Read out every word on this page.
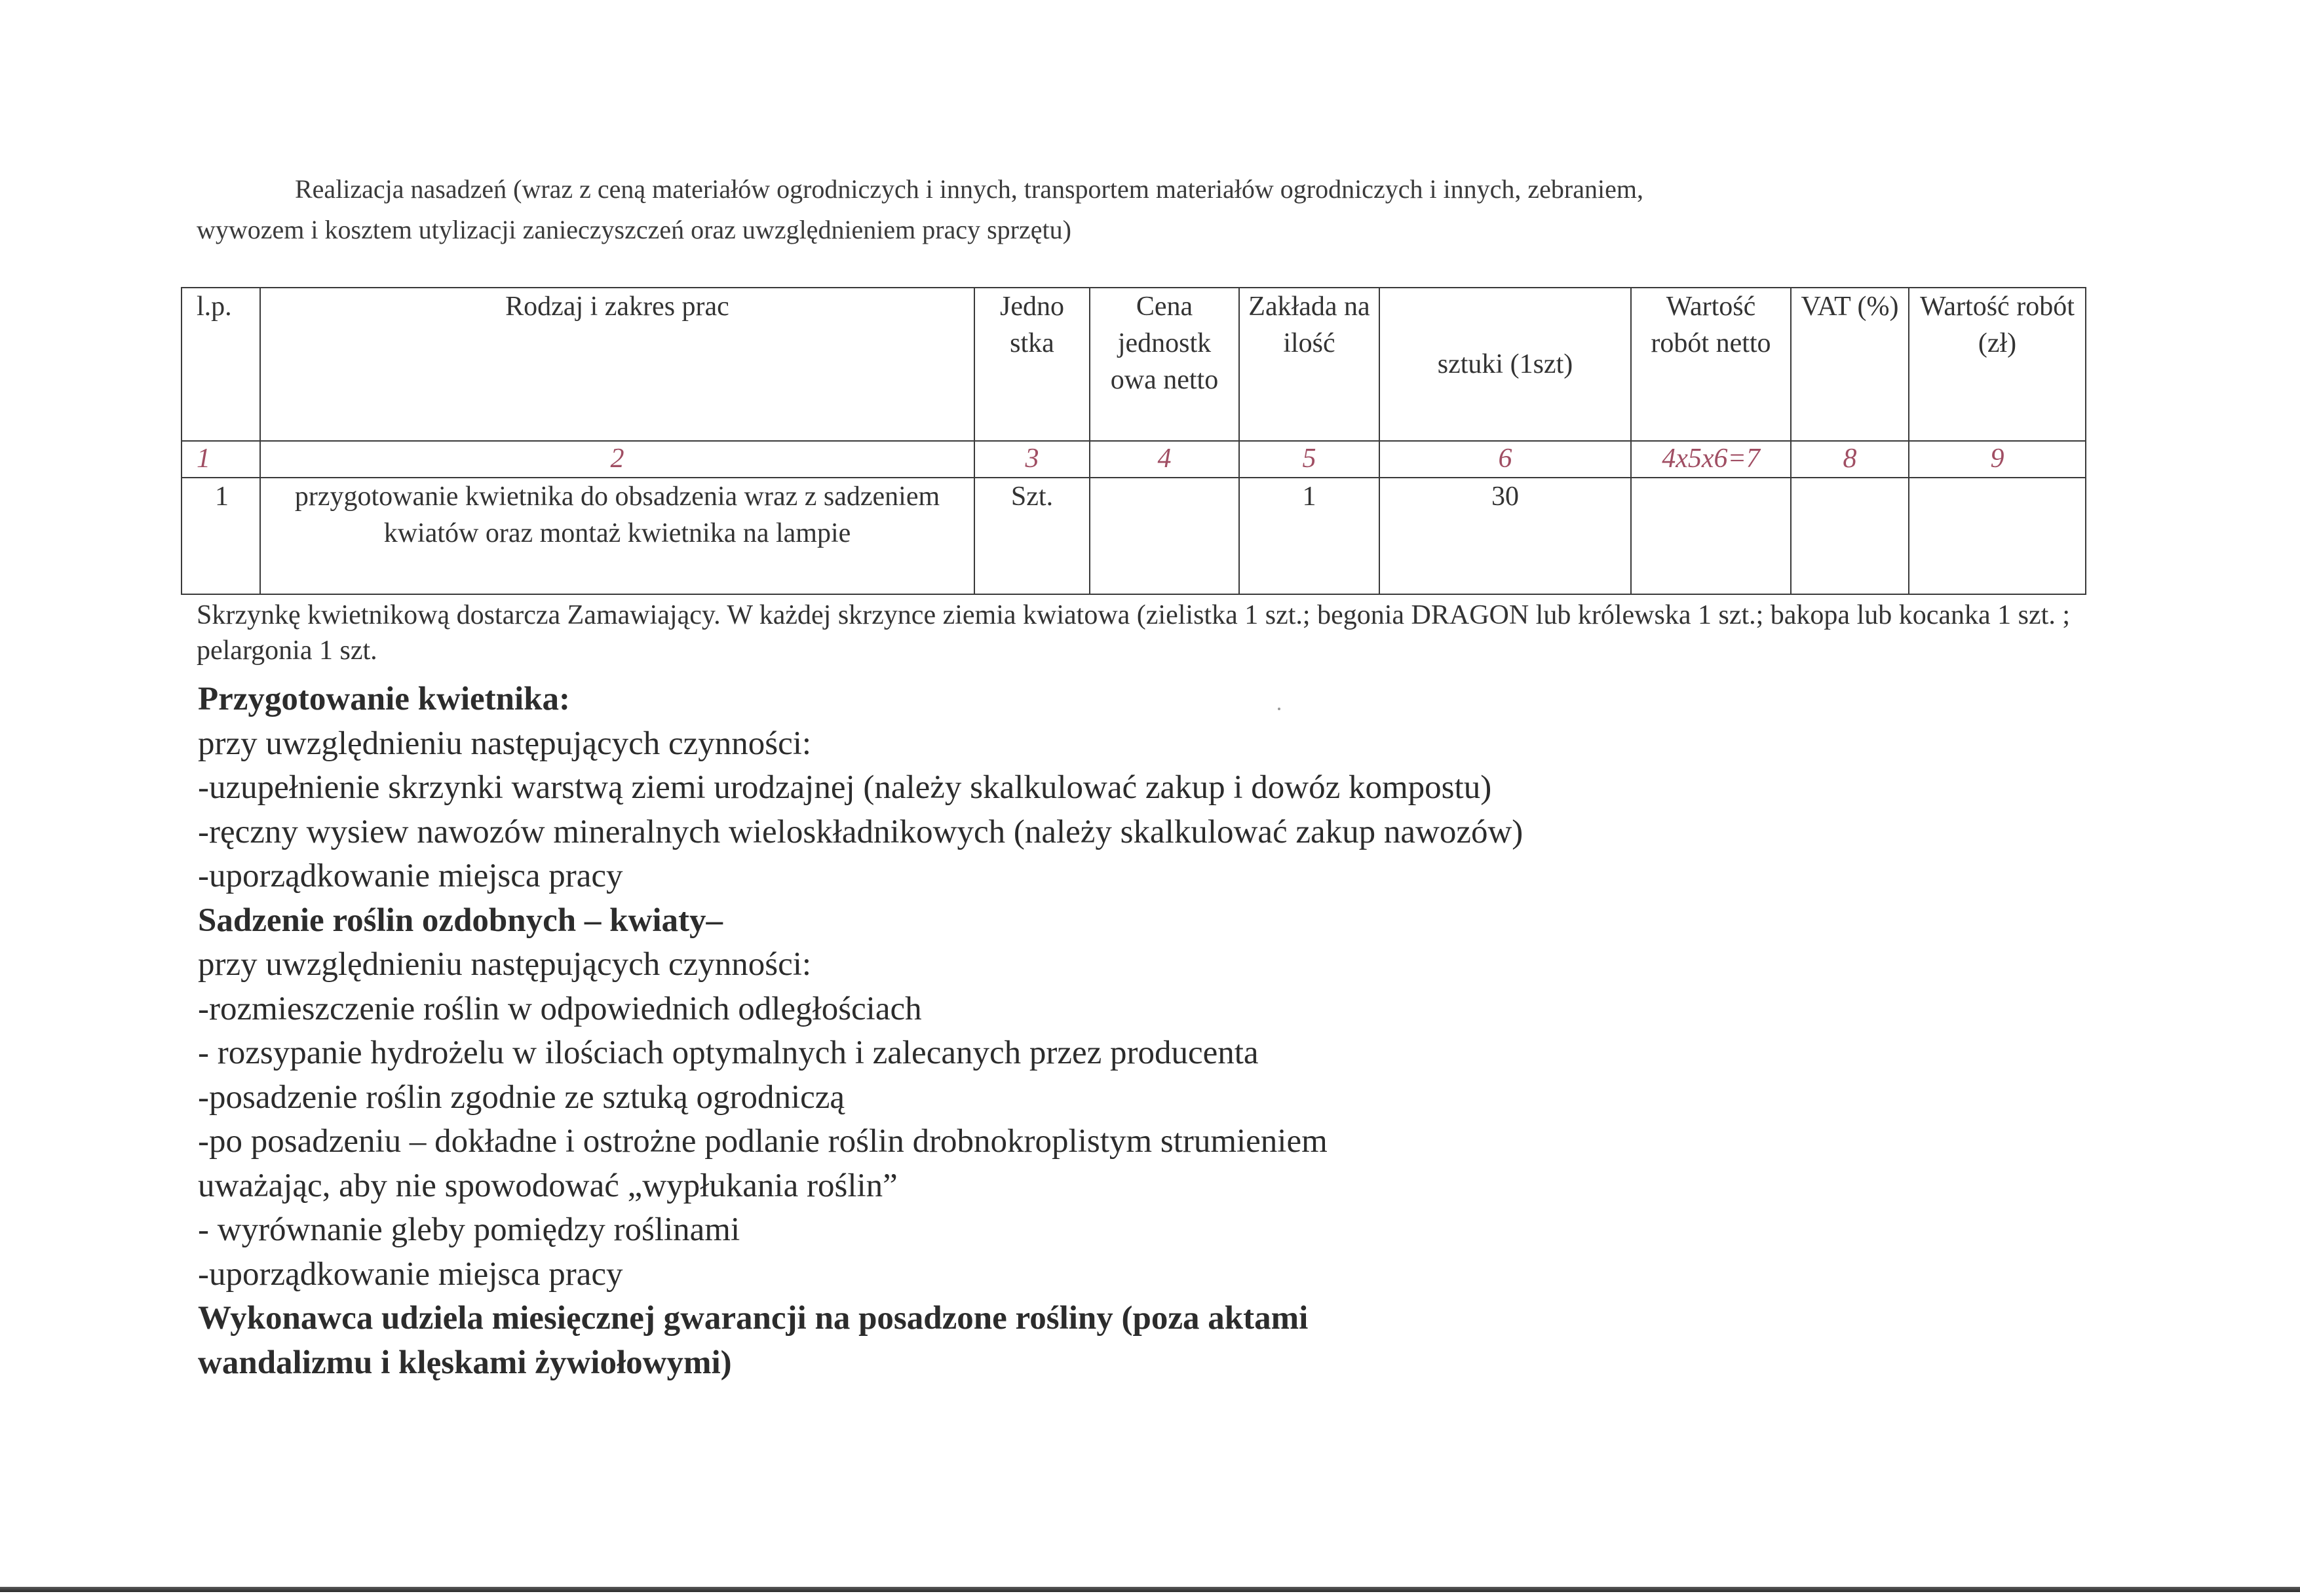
Realizacja nasadzeń (wraz z ceną materiałów ogrodniczych i innych, transportem materiałów ogrodniczych i innych, zebraniem,
wywozem i kosztem utylizacji zanieczyszczeń oraz uwzględnieniem pracy sprzętu)
l.p.	Rodzaj i zakres prac	Jedno stka	Cena jednostk owa netto	Zakłada na ilość	sztuki (1szt)	Wartość robót netto	VAT (%)	Wartość robót (zł)
1	2	3	4	5	6	4x5x6=7	8	9
1	przygotowanie kwietnika do obsadzenia wraz z sadzeniem kwiatów oraz montaż kwietnika na lampie	Szt.		1	30			
Skrzynkę kwietnikową dostarcza Zamawiający. W każdej skrzynce ziemia kwiatowa (zielistka 1 szt.; begonia DRAGON lub królewska 1 szt.; bakopa lub kocanka 1 szt. ; pelargonia 1 szt.
Przygotowanie kwietnika:
przy uwzględnieniu następujących czynności:
-uzupełnienie skrzynki warstwą ziemi urodzajnej (należy skalkulować zakup i dowóz kompostu)
-ręczny wysiew nawozów mineralnych wieloskładnikowych (należy skalkulować zakup nawozów)
-uporządkowanie miejsca pracy
Sadzenie roślin ozdobnych – kwiaty–
przy uwzględnieniu następujących czynności:
-rozmieszczenie roślin w odpowiednich odległościach
- rozsypanie hydrożelu w ilościach optymalnych i zalecanych przez producenta
-posadzenie roślin zgodnie ze sztuką ogrodniczą
-po posadzeniu – dokładne i ostrożne podlanie roślin drobnokroplistym strumieniem
uważając, aby nie spowodować „wypłukania roślin”
- wyrównanie gleby pomiędzy roślinami
-uporządkowanie miejsca pracy
Wykonawca udziela miesięcznej gwarancji na posadzone rośliny (poza aktami
wandalizmu i klęskami żywiołowymi)
